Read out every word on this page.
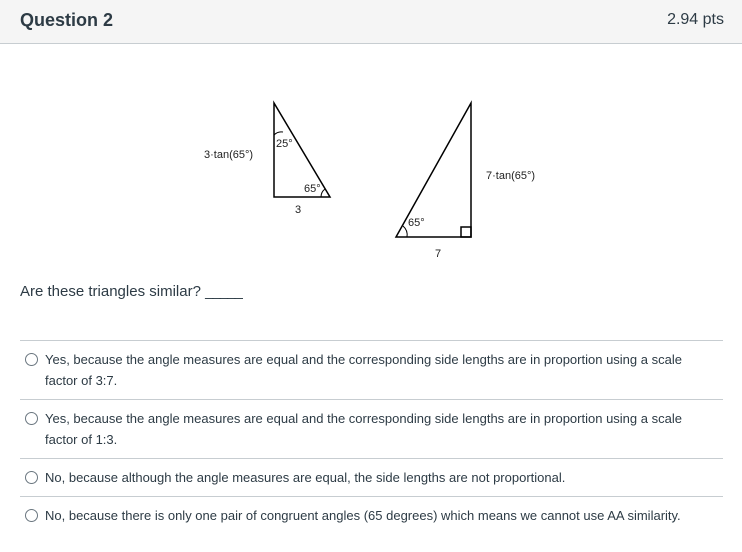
Question 2	2.94 pts
25°
65°
3·tan(65°)
3
65°
7·tan(65°)
7
Are these triangles similar? _____
Yes, because the angle measures are equal and the corresponding side lengths are in proportion using a scale factor of 3:7.
Yes, because the angle measures are equal and the corresponding side lengths are in proportion using a scale factor of 1:3.
No, because although the angle measures are equal, the side lengths are not proportional.
No, because there is only one pair of congruent angles (65 degrees) which means we cannot use AA similarity.
